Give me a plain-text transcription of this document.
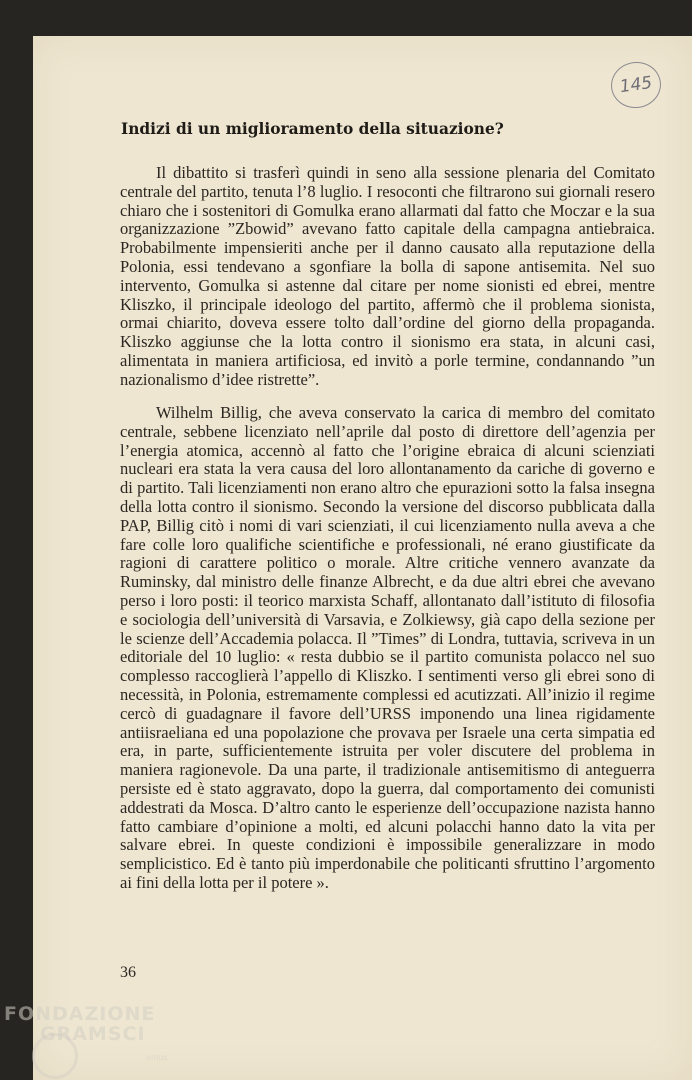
145
Indizi di un miglioramento della situazione?

Il dibattito si trasferì quindi in seno alla sessione plenaria del Comitato centrale del partito, tenuta l’8 luglio. I resoconti che filtrarono sui giornali resero chiaro che i sostenitori di Gomulka erano allarmati dal fatto che Moczar e la sua organizzazione ”Zbowid” avevano fatto capitale della campagna antiebraica. Probabilmente impensieriti anche per il danno causato alla reputazione della Polonia, essi tendevano a sgonfiare la bolla di sapone antisemita. Nel suo intervento, Gomulka si astenne dal citare per nome sionisti ed ebrei, mentre Kliszko, il principale ideologo del partito, affermò che il problema sionista, ormai chiarito, doveva essere tolto dall’ordine del giorno della propaganda. Kliszko aggiunse che la lotta contro il sionismo era stata, in alcuni casi, alimentata in maniera artificiosa, ed invitò a porle termine, condannando ”un nazionalismo d’idee ristrette”.

Wilhelm Billig, che aveva conservato la carica di membro del comitato centrale, sebbene licenziato nell’aprile dal posto di direttore dell’agenzia per l’energia atomica, accennò al fatto che l’origine ebraica di alcuni scienziati nucleari era stata la vera causa del loro allontanamento da cariche di governo e di partito. Tali licenziamenti non erano altro che epurazioni sotto la falsa insegna della lotta contro il sionismo. Secondo la versione del discorso pubblicata dalla PAP, Billig citò i nomi di vari scienziati, il cui licenziamento nulla aveva a che fare colle loro qualifiche scientifiche e professionali, né erano giustificate da ragioni di carattere politico o morale. Altre critiche vennero avanzate da Ruminsky, dal ministro delle finanze Albrecht, e da due altri ebrei che avevano perso i loro posti: il teorico marxista Schaff, allontanato dall’istituto di filosofia e sociologia dell’università di Varsavia, e Zolkiewsy, già capo della sezione per le scienze dell’Accademia polacca. Il ”Times” di Londra, tuttavia, scriveva in un editoriale del 10 luglio: « resta dubbio se il partito comunista polacco nel suo complesso raccoglierà l’appello di Kliszko. I sentimenti verso gli ebrei sono di necessità, in Polonia, estremamente complessi ed acutizzati. All’inizio il regime cercò di guadagnare il favore dell’URSS imponendo una linea rigidamente antiisraeliana ed una popolazione che provava per Israele una certa simpatia ed era, in parte, sufficientemente istruita per voler discutere del problema in maniera ragionevole. Da una parte, il tradizionale antisemitismo di anteguerra persiste ed è stato aggravato, dopo la guerra, dal comportamento dei comunisti addestrati da Mosca. D’altro canto le esperienze dell’occupazione nazista hanno fatto cambiare d’opinione a molti, ed alcuni polacchi hanno dato la vita per salvare ebrei. In queste condizioni è impossibile generalizzare in modo semplicistico. Ed è tanto più imperdonabile che politicanti sfruttino l’argomento ai fini della lotta per il potere ».

36
FONDAZIONE
GRAMSCI
onlus
